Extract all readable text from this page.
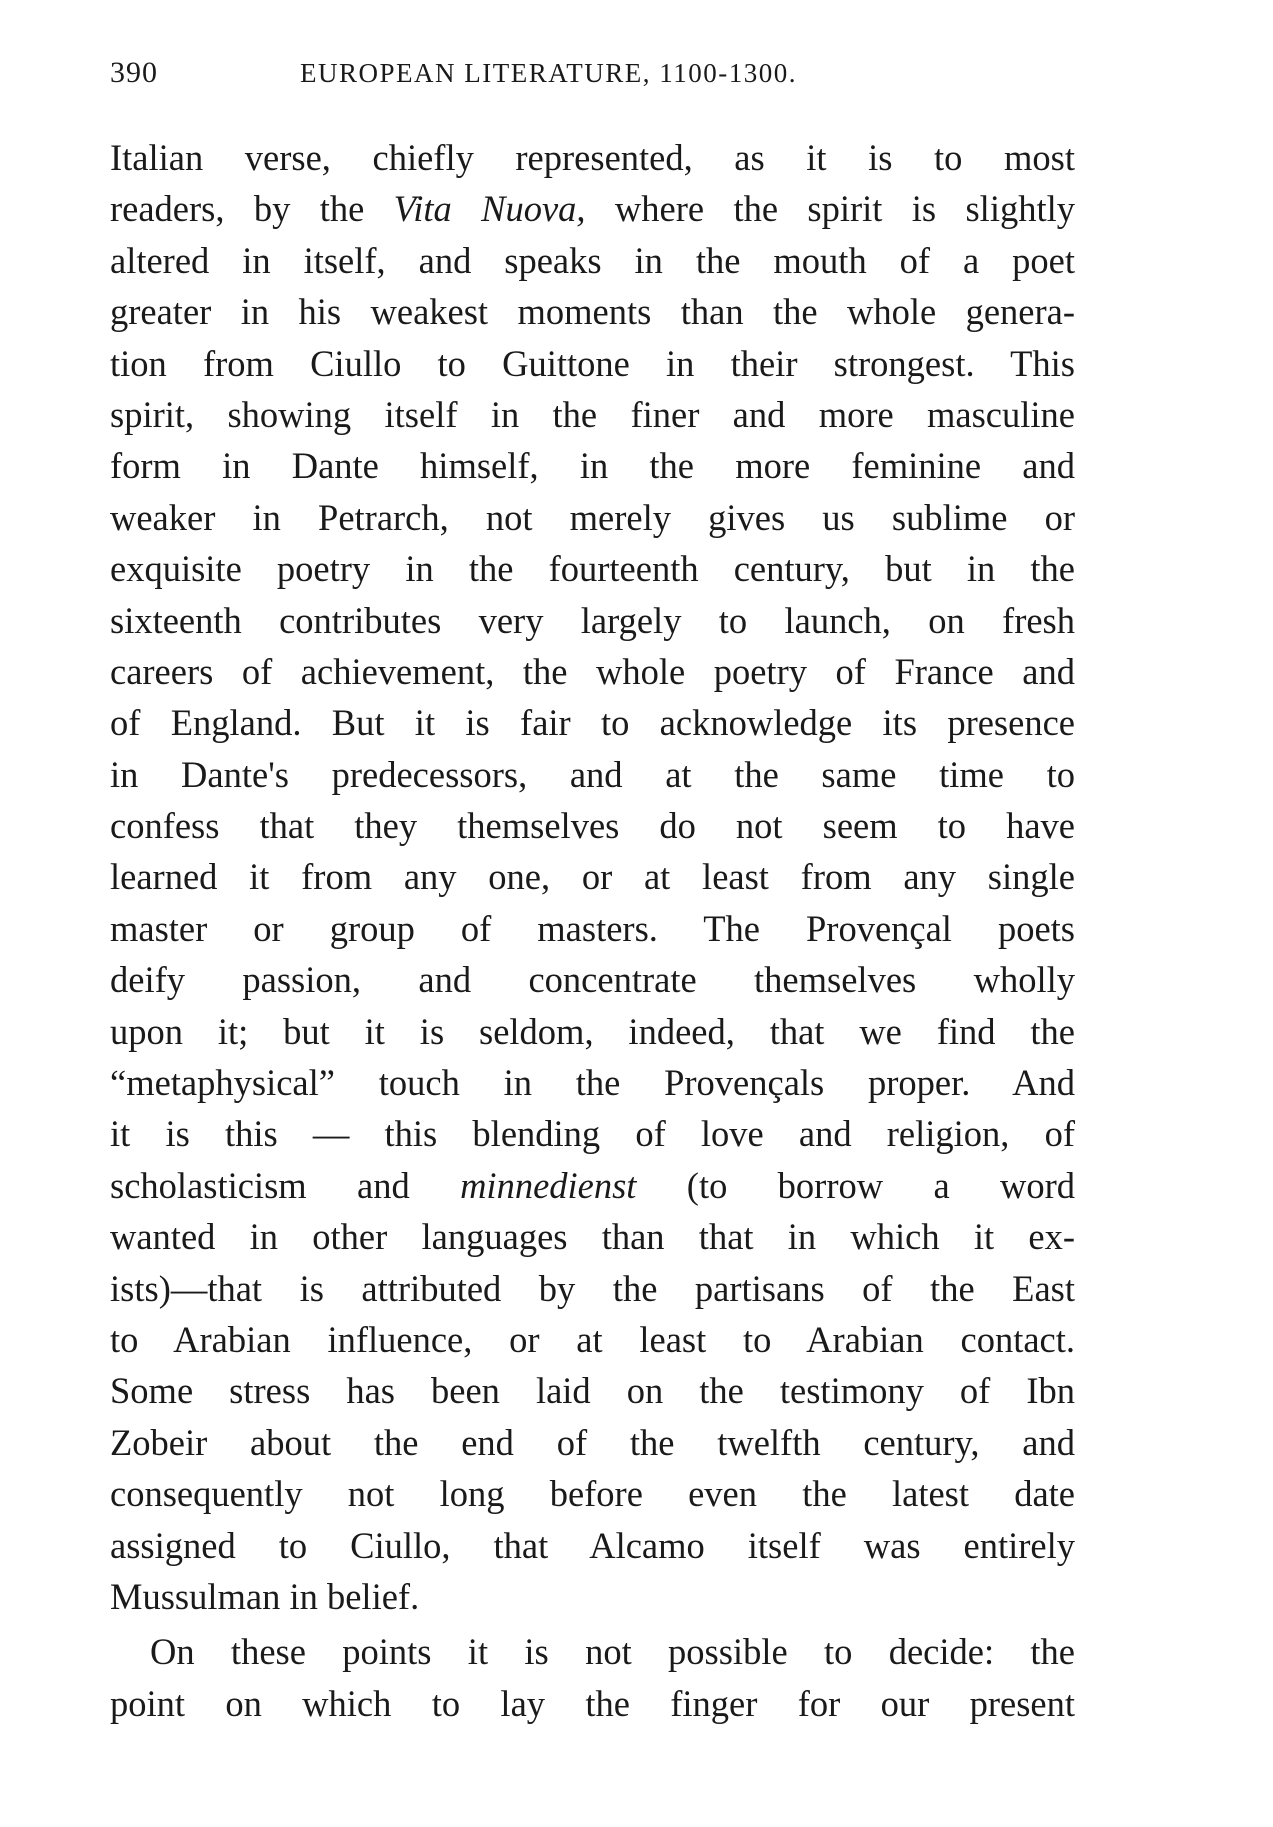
390	EUROPEAN LITERATURE, 1100-1300.
Italian verse, chiefly represented, as it is to most
readers, by the Vita Nuova, where the spirit is slightly
altered in itself, and speaks in the mouth of a poet
greater in his weakest moments than the whole genera-
tion from Ciullo to Guittone in their strongest. This
spirit, showing itself in the finer and more masculine
form in Dante himself, in the more feminine and
weaker in Petrarch, not merely gives us sublime or
exquisite poetry in the fourteenth century, but in the
sixteenth contributes very largely to launch, on fresh
careers of achievement, the whole poetry of France and
of England. But it is fair to acknowledge its presence
in Dante's predecessors, and at the same time to
confess that they themselves do not seem to have
learned it from any one, or at least from any single
master or group of masters. The Provençal poets
deify passion, and concentrate themselves wholly
upon it; but it is seldom, indeed, that we find the
“metaphysical” touch in the Provençals proper. And
it is this — this blending of love and religion, of
scholasticism and minnedienst (to borrow a word
wanted in other languages than that in which it ex-
ists)—that is attributed by the partisans of the East
to Arabian influence, or at least to Arabian contact.
Some stress has been laid on the testimony of Ibn
Zobeir about the end of the twelfth century, and
consequently not long before even the latest date
assigned to Ciullo, that Alcamo itself was entirely
Mussulman in belief.
On these points it is not possible to decide: the
point on which to lay the finger for our present
